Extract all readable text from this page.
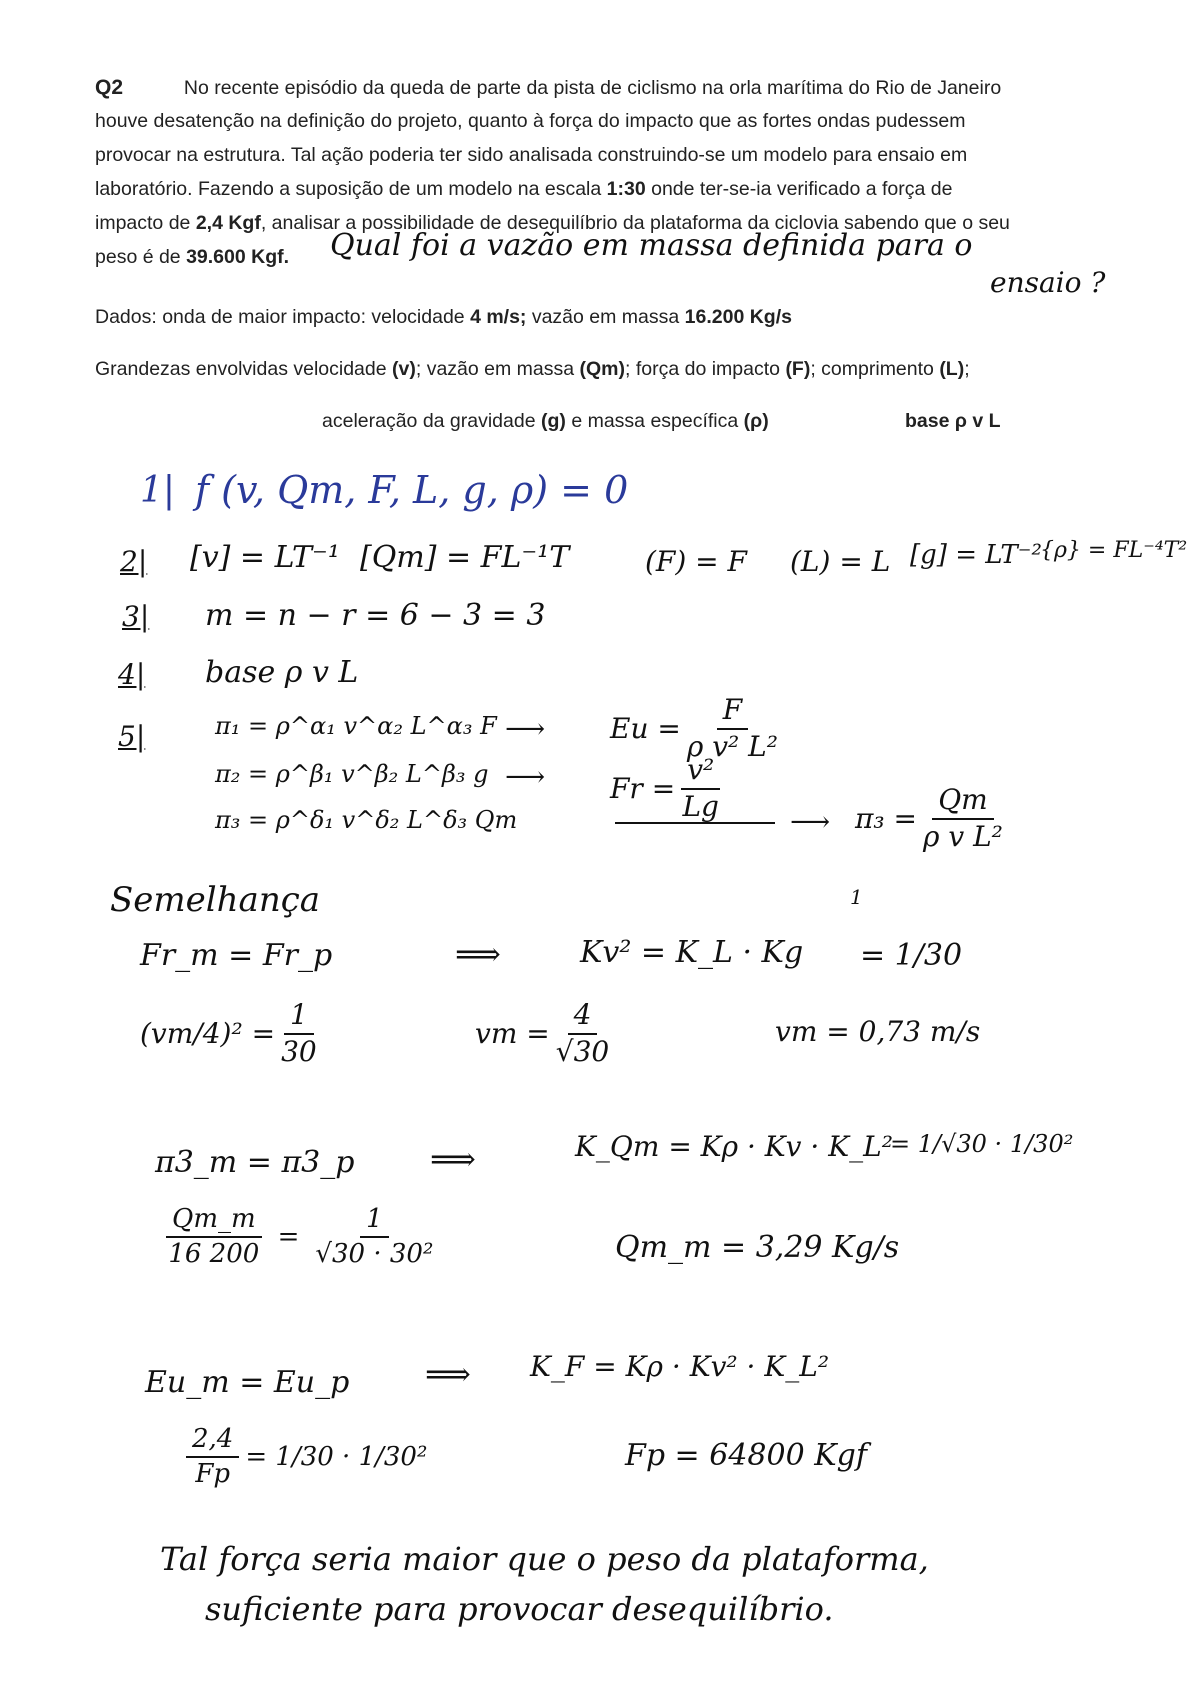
Q2	No recente episódio da queda de parte da pista de ciclismo na orla marítima do Rio de Janeiro
houve desatenção na definição do projeto, quanto à força do impacto que as fortes ondas pudessem
provocar na estrutura. Tal ação poderia ter sido analisada construindo-se um modelo para ensaio em
laboratório. Fazendo a suposição de um modelo na escala 1:30 onde ter-se-ia verificado a força de
impacto de 2,4 Kgf, analisar a possibilidade de desequilíbrio da plataforma da ciclovia sabendo que o seu
peso é de 39.600 Kgf. Qual foi a vazão em massa definida para o
ensaio ?
Dados: onda de maior impacto: velocidade 4 m/s; vazão em massa 16.200 Kg/s
Grandezas envolvidas velocidade (v); vazão em massa (Qm); força do impacto (F); comprimento (L);
aceleração da gravidade (g) e massa específica (ρ)	base ρ v L
1| f (v, Qm, F, L, g, ρ) = 0
2| [v] = LT⁻¹ [Qm] = FL⁻¹T	(F) = F (L) = L [g] = LT⁻²
{ρ} = FL⁻⁴T²
3| m = n − r = 6 − 3 = 3
4| base ρ v L
5|	π₁ = ρ^α₁ v^α₂ L^α₃ F
π₂ = ρ^β₁ v^β₂ L^β₃ g
π₃ = ρ^δ₁ v^δ₂ L^δ₃ Qm
⟶
⟶
$Eu = \frac{F}{\text{ρ v² L²}}$
$Fr = \frac{\text{v²}}{Lg}$ ⟶ $\pi_3 = \frac{Qm}{\text{ρ v L²}}$
Semelhança
Fr_m = Fr_p	⟹	Kv² = K_L · Kg
1
= 1/30
$(vm/4)^2 = \frac{1}{30}$	vm = $\frac{4}{√30}$	vm = 0,73 m/s
π3_m = π3_p ⟹	K_Qm = Kρ · Kv · K_L²
= 1/√30 · 1/30²
$\frac{Qm\_m}{16 200} = \frac{1}{\text{√30 · 30²}}$	Qm_m = 3,29 Kg/s
Eu_m = Eu_p ⟹ K_F = Kρ · Kv² · K_L²
$\frac{2,4}{Fp} = 1/30 \cdot 1/30^2$	Fp = 64800 Kgf
Tal força seria maior que o peso da plataforma,
suficiente para provocar desequilíbrio.
